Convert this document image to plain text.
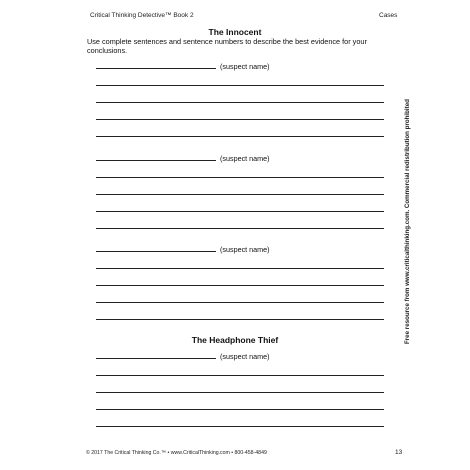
Critical Thinking Detective™ Book 2	Cases
The Innocent
Use complete sentences and sentence numbers to describe the best evidence for your conclusions.
(suspect name)
(suspect name)
(suspect name)
The Headphone Thief
(suspect name)
Free resource from www.criticalthinking.com. Commercial redistribution prohibited
© 2017 The Critical Thinking Co.™ • www.CriticalThinking.com • 800-458-4849	13
